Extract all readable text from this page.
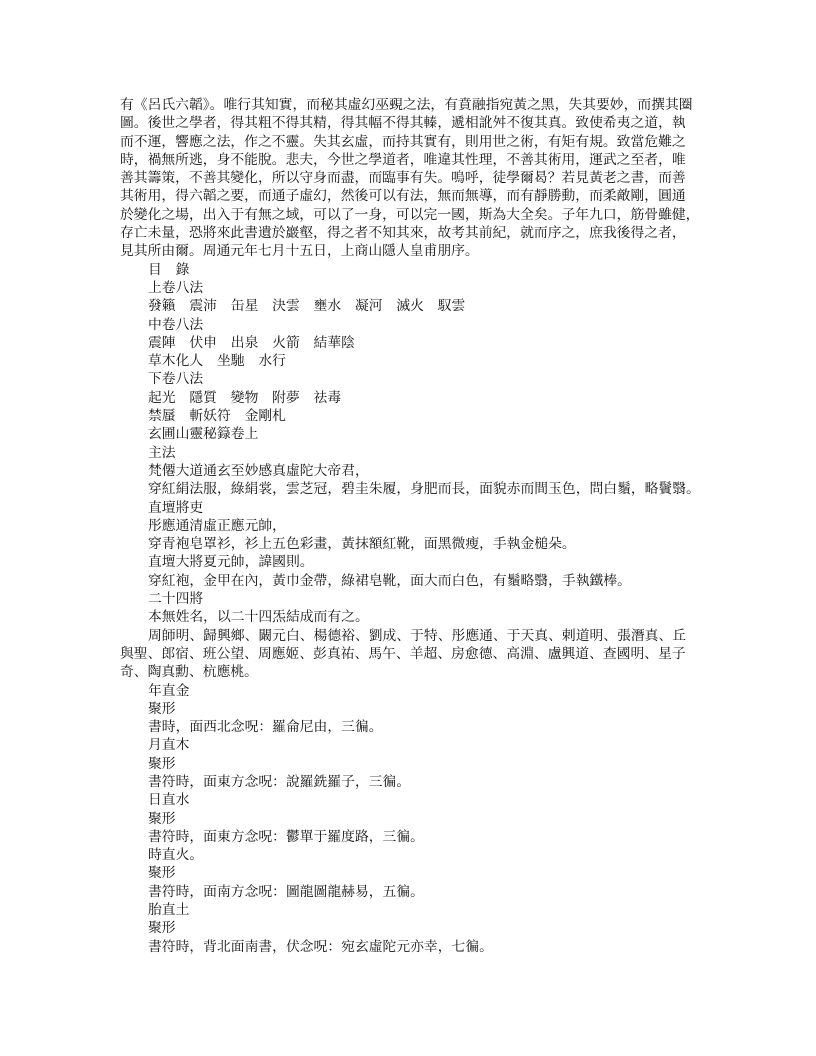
有《呂氏六韜》。唯行其知實，而秘其虛幻巫覡之法，有賁融指宛黃之黑，失其要妙，而撰其圈
圖。後世之學者，得其粗不得其精，得其幅不得其轃，遞相訛舛不復其真。致使希夷之道，執
而不運，響應之法，作之不靈。失其玄虛，而持其實有，則用世之術，有矩有規。致當危難之
時，禍無所逃，身不能脫。悲夫，今世之學道者，唯違其性理，不善其術用，運武之至者，唯
善其籌策，不善其變化，所以守身而盡，而臨事有失。嗚呼，徒學爾曷？若見黃老之書，而善
其術用，得六韜之要，而通子虛幻，然後可以有法，無而無導，而有靜勝動，而柔敵剛，圓通
於變化之場，出入于有無之域，可以了一身，可以完一國，斯為大全矣。子年九口，筋骨雖健，
存亡未量，恐將來此書遺於巖壑，得之者不知其來，故考其前紀，就而序之，庶我後得之者，
見其所由爾。周通元年七月十五日，上商山隱人皇甫朋序。
目　錄
上卷八法
發籟　震沛　缶星　決雲　壅水　凝河　滅火　馭雲
中卷八法
震陣　伏申　出泉　火箭　結華陰
草木化人　坐馳　水行
下卷八法
起光　隱質　變物　附夢　祛毒
禁蜃　斬妖符　金剛札
玄圃山靈秘籙卷上
主法
梵僊大道通玄至妙感真虛陀大帝君，
穿紅絹法服，綠絹裳，雲芝冠，碧圭朱履，身肥而長，面貌赤而間玉色，問白鬚，略鬢翳。
直壇將吏
彤應通清虛正應元帥，
穿青袍皂罩衫，衫上五色彩畫，黃抹額紅靴，面黑微瘦，手執金槌朵。
直壇大將夏元帥，諱國則。
穿紅袍，金甲在內，黃巾金帶，綠裙皂靴，面大而白色，有鬚略翳，手執鐵棒。
二十四將
本無姓名，以二十四炁結成而有之。
周師明、歸興鄉、闞元白、楊德裕、劉成、于特、彤應通、于天真、剌道明、張潛真、丘
與聖、郎宿、班公望、周應姬、彭真祐、馬午、羊超、房愈德、高淵、盧興道、查國明、星子
奇、陶真勳、杭應桃。
年直金
聚形
書時，面西北念呪：羅侖尼由，三徧。
月直木
聚形
書符時，面東方念呪：說羅銑羅子，三徧。
日直水
聚形
書符時，面東方念呪：鬱單于羅度路，三徧。
時直火。
聚形
書符時，面南方念呪：圖龍圖龍赫易，五徧。
胎直土
聚形
書符時，背北面南書，伏念呪：宛玄虛陀元亦幸，七徧。
